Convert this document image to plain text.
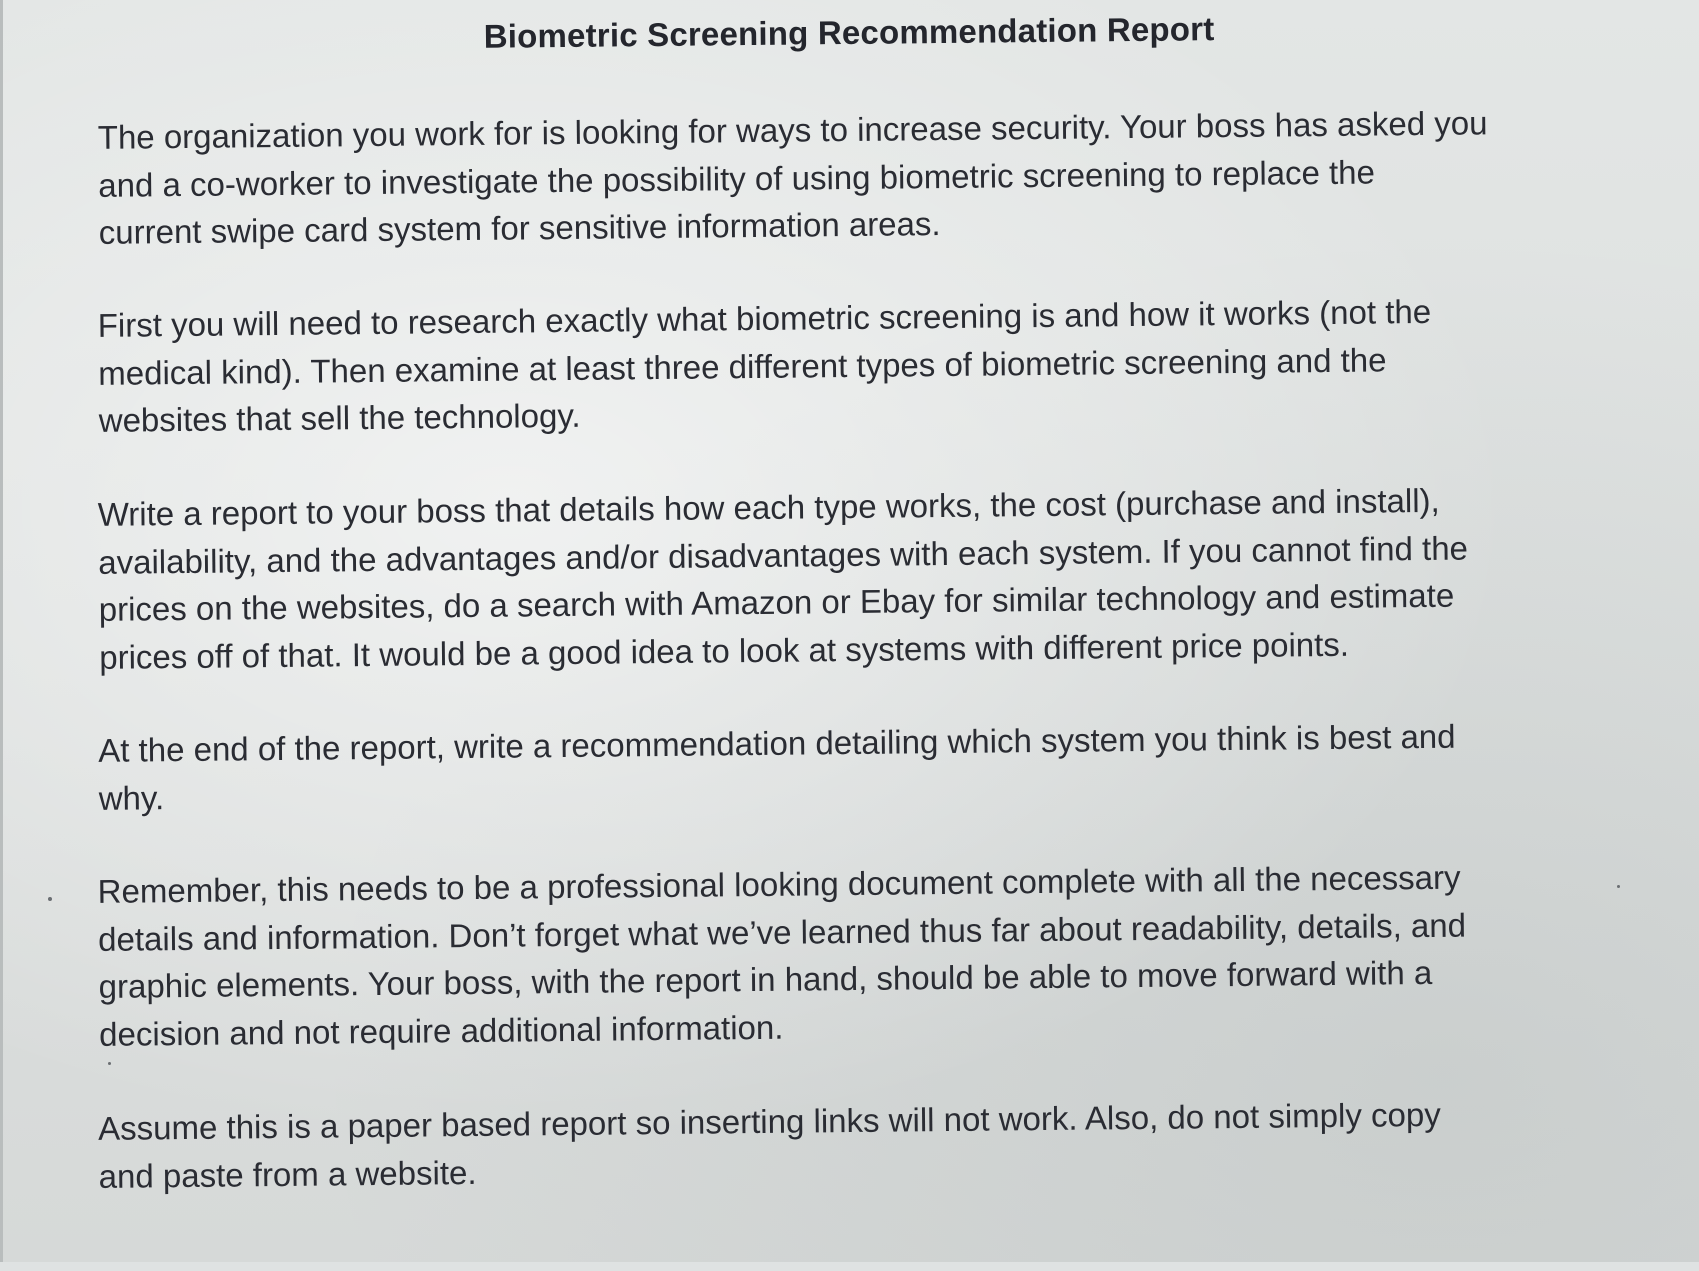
Biometric Screening Recommendation Report
The organization you work for is looking for ways to increase security. Your boss has asked you
and a co-worker to investigate the possibility of using biometric screening to replace the
current swipe card system for sensitive information areas.
First you will need to research exactly what biometric screening is and how it works (not the
medical kind). Then examine at least three different types of biometric screening and the
websites that sell the technology.
Write a report to your boss that details how each type works, the cost (purchase and install),
availability, and the advantages and/or disadvantages with each system. If you cannot find the
prices on the websites, do a search with Amazon or Ebay for similar technology and estimate
prices off of that. It would be a good idea to look at systems with different price points.
At the end of the report, write a recommendation detailing which system you think is best and
why.
Remember, this needs to be a professional looking document complete with all the necessary
details and information. Don’t forget what we’ve learned thus far about readability, details, and
graphic elements. Your boss, with the report in hand, should be able to move forward with a
decision and not require additional information.
Assume this is a paper based report so inserting links will not work. Also, do not simply copy
and paste from a website.
